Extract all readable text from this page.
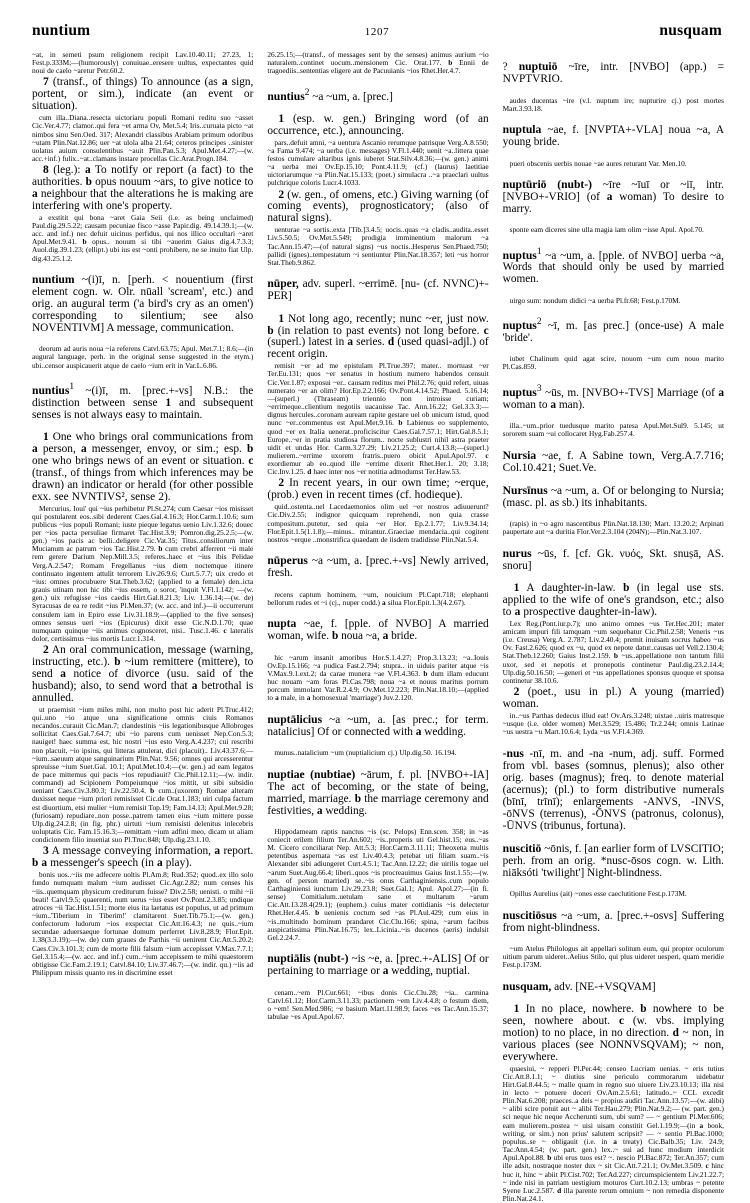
nuntium	1207	nusquam

~at, in semeti psum religionem recipit Lav.10.40.11; 27.23, 1; Fest.p.333M;—(humorously) conuiuae..eresere uultus, expectantes quid noui de caelo ~aretur Petr.60.2.

7 (transf., of things) To announce (as a sign, portent, or sim.), indicate (an event or situation).

cum illa..Diana..resecta uictoriaru populi Romani reditu suo ~asset Cic.Ver.4.77; clamor..qui fera ~et arma Ov, Met.5.4; Iris..curuata picto ~at nimbos sinu Sen.Oed. 317; Alexandri classibus Arabiam primum odoribus ~utam Plin.Nat.12.86; uer ~at ulola alba 21.64; ceteros principes ..sinister uolatus auium consulentibus ~auit Plin.Pan.5.3; Apul.Met.4.27;—(w. acc.+inf.) fulix..~at..clamans instare procellas Cic.Arat.Progn.184.

8 (leg.): a To notify or report (a fact) to the authorities. b opus nouum ~ars, to give notice to a neighbour that the alterations he is making are interfering with one's property.

a exstitit qui bona ~aret Gaia Seii (i.e. as being unclaimed) Paul.dig.29.5.22; causam pecuniae fisco ~asse Papir.dig. 49.14.39.1;—(w. acc. and inf.) nec defuit uicinus perfidus, qui nos illico occultari ~aret Apul.Met.9.41. b opus.. nouum si tibi ~auerim Gaius dig.4.7.3.3; Auol.dig.39.1.23; (ellipt.) ubi ius est ~onti prohibere, ne se inuito fiat Ulp. dig.43.25.1.2.

nuntium ~(i)ī, n. [perh. < nouentium (first element cogn. w. Olr. nūall 'scream', etc.) and orig. an augural term ('a bird's cry as an omen') corresponding to silentium; see also NOVENTIVM] A message, communication.

deorum ad auris noua ~ia referens Catvl.63.75; Apul. Met.7.1; 8.6;—(in augural language, perh. in the original sense suggested in the etym.) ubi..censor auspicauerit atque de caelo ~ium erit in Var.L.6.86.

nuntius$^1$ ~(i)ī, m. [prec.+-vs] N.B.: the distinction between sense 1 and subsequent senses is not always easy to maintain.

1 One who brings oral communications from a person, a messenger, envoy, or sim.; esp. b one who brings news of an event or situation. c (transf., of things from which inferences may be drawn) an indicator or herald (for other possible exx. see NVNTIVS², sense 2).

Mercurius, Ioui' qui ~ius perhibetur Pl.St.274; cum Caesar ~ios misisset qui postularent eos..sibi dederent Caes.Gal.4.16.3; Hor.Carm.1.10.6; sum publicus ~ius populi Romani; iuste pieque legatus uenio Liv.1.32.6; douec per ~ios pacta persuliae firmaret Tac.Hist.3.9; Pomron.dig.25.2.5;—(w. gen.) ~ios pacis ac belli..deligere Cic.Vat.35; Titus..consiliorum inter Mucianum ac patrum ~ios Tac.Hist.2.79. b cum crebri afferrent ~ii male rem gerere Darium Nep.Mill.3.5; referes..haec et ~ius ibis Pelidae Verg.A.2.547; Romam Fregellanus ~ius diem noctemque itinere continuato ingentem attulit terrorem Liv.26.9.6; Curt.5.7.7; uix credo et ~ius: omnes procubuere Stat.Theb.3.62; (applied to a female) den..icta grauis utinam non hic tibi ~ius essem, o soror, 'inquit V.Fl.1.142; —(w. gen.) uix refugisse ~ios caedis Hirt.Gal.8.21.3; Liv. 1.36.14;—(w. de) Syracusas de ea re redit ~ius Pl.Men.37; (w. acc. and inf.)—ii occurrerunt consulem iam in Epiro esse Liv.31.18.9;—(applied to the five senses) omnes sensus ueri ~ios (Epicurus) dixit esse Cic.N.D.1.70; quae numquam quinque ~iis animus cognosceret, nisi.. Tusc.1.46. c lateralis dolor, certissimus ~ius mortis Lucr.1.314.

2 An oral communication, message (warning, instructing, etc.). b ~ium remittere (mittere), to send a notice of divorce (usu. said of the husband); also, to send word that a betrothal is annulled.

ut praemisit ~ium miles mihi, non multo post hic aderit Pl.Truc.412; qui..uno ~io atque una significatione omnis ciuis Romanos necandos..curauit Cic.Man.7; clandestinis ~iis legationibusque Allobroges sollicitat Caes.Gal.7.64.7; ubi ~io parens cum uenisset Nep.Con.5.3; nauiget! haec summa est, hic nostri ~ius esto Verg.A.4.237; cui rescribi non placuit, ~io ipsius, qui litteras attulerat, dici (placuit).. Liv.43.37.6;—~ium..saeuum atque sanguinarium Plin.Nat. 9.56; omnes qui arcesserentur spreuisse ~ium Suet.Gal. 10.1; Apul.Met.10.4;—(w. gen.) ad eam legatos de pace mittemus qui pacis ~ios repudiauit? Cic.Phil.12.11;—(w. indir. command) ad Scipionem Pompeiumque ~ios mittit, ut sibi subsidio ueniant Caes.Civ.3.80.3; Liv.22.50.4. b cum..(uxorem) Romae alteram duxisset neque ~ium priori remisisset Cic.de Orat.1.183; uiri culpa factum est diuortium, etsi mulier ~ium remisit Top.19; Fam.14.13; Apul.Met.9.28; (furiosam) repudiare..non posse..patrem tamen eius ~ium mittere posse Ulp.dig.24.2.8; (in fig. phr.) uirtuti ~ium remisisti delenitus inlecebris uoluptatis Cic. Fam.15.16.3;—remittam ~ium adfini meo, dicam ut aliam condicionem filio inueniat suo Pl.Truc.848; Ulp.dig.23.1.10.

3 A message conveying information, a report. b a messenger's speech (in a play).

bonis uos..~iis me adfecere uoltis Pl.Am.8; Rud.352; quod..ex illo solo fundo numquam malum ~ium audisset Cic.Agr.2.82; num censes his ~iis..quemquam physicum crediturum fuisse? Div.2.58; uenisti. o mihi ~ii beati! Catvl.9.5; quaerenti, num uerus ~ius esset Ov.Pont.2.3.85; undique atroces ~ii Tac.Hist.1.51; morte eius ita laetatus est populus, ut ad primum ~ium..'Tiberium in Tiberim!' clamitarent Suet.Tib.75.1;—(w. gen.) confectorum ludorum ~ios exspectat Cic.Att.16.4.3; ne quis..~ium secundae aduersaeque fortunae domum perferret Liv.8.28.9; Flor.Epit. 1.38(3.3.19);—(w. de) cum graues de Parthis ~ii uenirent Cic.Att.5.20.2; Caes.Civ.3.101.3; cum de morte filii falsum ~ium accepisset V.Max.7.7.1; Gel.3.15.4;—(w. acc. and inf.) cum..~ium accepissem te mihi quaestorem obtigisse Cic.Fam.2.19.1; Catvl.84.10; Liv.37.46.7;—(w. indir. qu.) ~iis ad Philippum missis quanto res in discrimine esset

26.25.15;—(transf., of messages sent by the senses) animus aurium ~io naturalem..continet uocum..mensionem Cic. Orat.177. b Ennii de tragoediis..sententias eligere aut de Pacuuianis ~ios Rhet.Her.4.7.

nuntius$^2$ ~a ~um, a. [prec.]

1 (esp. w. gen.) Bringing word (of an occurrence, etc.), announcing.

pars..defuit amni, ~a uentura Ascanio rerumque patrisque Verg.A.8.550; ~a Fama 9.474; ~a uerba (i.e. messages) V.Fl.1.440; uenit ~a..littera quae festos cumulare altaribus ignis iuberet Stat.Silv.4.8.36;—(w. gen.) animi ~a uerba mei Ov.Ep.15.10; Pont.4.11.9; (cf.) (laurus) laetitiae uictoriarumque ~a Plin.Nat.15.133; (poet.) simulacra ..~a praeclari uultus pulchrique coloris Lucr.4.1033.

2 (w. gen., of omens, etc.) Giving warning (of coming events), prognosticatory; (also of natural signs).

uenturae ~a sortis..exta [Tib.]3.4.5; uocis..quas ~a cladis..audita..esset Liv.5.50.5; Ov.Met.5.549; prodigia imminentium malorum ~a Tac.Ann.15.47;—(of natural signs) ~us noctis..Hesperus Sen.Phaed.750; pallidi (ignes)..tempestatum ~i sentiuntur Plin.Nat.18.357; leti ~us horror Stat.Theb.9.862.

nūper, adv. superl. ~errimē. [nu- (cf. NVNC)+-PER]

1 Not long ago, recently; nunc ~er, just now. b (in relation to past events) not long before. c (superl.) latest in a series. d (used quasi-adjl.) of recent origin.

remisit ~er ad me epistulam Pl.True.397; mater.. mortuast ~er Ter.Eu.131; quos ~er senatus in hostium numero habendos censuit Cic.Ver.1.87; exposui ~er.. causam reditus mei Phil.2.76; quid refert, uiuas numerato ~er an olim? Hor.Ep.2.2.166; Ov.Pont.4.14.52; Phaed. 5.16.14;—(superl.) (Thraseam) triennio non introisse curiam; ~errimeque..clientium negotiis uacauisse Tac. Ann.16.22; Gel.3.3.3;—dignus hercules..coronam auream rapite gestare uel ob unicum istud, quod nunc ~er..commentus est Apul.Met.9.16. b Labienus eo supplemento, quod ~er ex Italia uenerat..proficiscitur Caes.Gal.7.57.1; Hirt.Gal.8.5.1; Europe..~er in pratia studiosa florum.. nocte sublustri nihil astra praeter uidit et undas Hor. Carm.3.27.29; Liv.21.25.2; Curt.4.13.8;—(superl.) mulierem..~errime uxorem fratris..puero obicit Apul.Apol.97. c exordiemur ab eo..quod ille ~errime dixerit Rhet.Her.1. 20; 3.18; Cic.Inv.1.25. d haec inter nos ~er notitia admodumst Ter.Haw.53.

2 In recent years, in our own time; ~erque, (prob.) even in recent times (cf. hodieque).

quid..ostenta..uel Lacedaemonios olim uel ~er nostros adiuuerunt? Cic.Div.2.55; indignor quicquam reprehendi, non quia crasse compositum..putetur, sed quia ~er Hor. Ep.2.1.77; Liv.9.34.14; Flor.Epit.1.5(1.1.8);—minus.. mirantur..Graeciae mendacia..qui cogitent nostros ~erque ..monstrifica quaedam de iisdem tradidisse Plin.Nat.5.4.

nūperus ~a ~um, a. [prec.+-vs] Newly arrived, fresh.

recens captum hominem, ~um, nouicium Pl.Capt.718; elephanti bellorum rudes et ~i (cj., nuper codd.) a silua Flor.Epit.1.3(4.2.67).

nupta ~ae, f. [pple. of NVBO] A married woman, wife. b noua ~a, a bride.

hic ~arum insanit amoribus Hor.S.1.4.27; Prop.3.13.23; ~a..Iouis Ov.Ep.15.166; ~a pudica Fast.2.794; stupra.. in uiduis pariter atque ~is V.Max.9.1.ext.2; da carae munera ~ae V.Fl.4.363. b dum illam educunt huc nouam ~am foras Pl.Cas.798; noua ~a et nouus maritus porrum porcum immolant Var.R.2.4.9; Ov.Met.12.223; Plin.Nat.18.10;—(applied to a male, in a homosexual 'marriage') Juv.2.120.

nuptālicius ~a ~um, a. [as prec.; for term. natalicius] Of or connected with a wedding.

munus..natalicium ~um (nuptialicium cj.) Ulp.dig.50. 16.194.

nuptiae (nubtiae) ~ārum, f. pl. [NVBO+-IA] The act of becoming, or the state of being, married, marriage. b the marriage ceremony and festivities, a wedding.

Hippodameam raptis nanctus ~is (sc. Pelops) Enn.scen. 358; in ~as coniecit erilem filium Ter.An.602; ~is..properis uti Gel.hist.15; eus..~as M. Cicero conciliarat Nep. Att.5.3; Hor.Carm.3.11.11; Theoxena multis petentibus aspernata ~as est Liv.40.4.3; petebat uti filiam suam..~is Alexander sibi adiungeret Curt.4.5.1; Tac.Ann.12.22; die uirilis togae uel ~arum Suet.Aug.66.4; liberi..quos ~is procreauimus Gaius Inst.1.55;—(w. gen. of person married) se..~is onus Carthaginiensis..cum populo Carthaginiensi iunctum Liv.29.23.8; Suet.Gal.1; Apul. Apol.27;—(in fi. sense) Comitialum..uetulam sane et multarum ~arum Cic.Att.13.28.4(29.1); (euphem.) cuius mater cottidianis ~is delectetur Rhet.Her.4.45. b uenienis coctum sed ~as Pl.Aul.429; cum eius in ~is..multitudo hominum prandaret Cic.Clu.166; spina, ~arum facibus auspicatissima Plin.Nat.16.75; lex..Licinia..~is ducenos (aeris) indulsit Gel.2.24.7.

nuptiālis (nubt-) ~is ~e, a. [prec.+-ALIS] Of or pertaining to marriage or a wedding, nuptial.

cenam..~em Pl.Cur.661; ~ibus donis Cic.Clu.28; ~ia.. carmina Catvl.61.12; Hor.Carm.3.11.33; pactionem ~em Liv.4.4.8; o festum diem, o ~em! Sen.Med.986; ~e basium Mart.11.98.9; faces ~es Tac.Ann.15.37; tabulae ~es Apul.Apol.67.

? nuptuiō ~īre, intr. [NVBO] (app.) = NVPTVRIO.

audes ducentas ~ire (v.l. nuptum ire; nupturire cj.) post mortes Mart.3.93.18.

nuptula ~ae, f. [NVPTA+-VLA] noua ~a, A young bride.

pueri obscenis uerbis nouae ~ae aures returant Var. Men.10.

nuptūriō (nubt-) ~īre ~īuī or ~iī, intr. [NVBO+-VRIO] (of a woman) To desire to marry.

sponte eam diceres sine ulla magia iam olim ~isse Apul. Apol.70.

nuptus$^1$ ~a ~um, a. [pple. of NVBO] uerba ~a, Words that should only be used by married women.

uirgo sum: nondum didici ~a uerba Pl.fr.68; Fest.p.170M.

nuptus$^2$ ~ī, m. [as prec.] (once-use) A male 'bride'.

iubet Chalinum quid agat scire, nouom ~um cum nouo marito Pl.Cas.859.

nuptus$^3$ ~ūs, m. [NVBO+-TVS] Marriage (of a woman to a man).

illa..~um..prior tuedusque marito patesa Apul.Met.Sul9. 5.145; ut sororem suam ~ui collocaret Hyg.Fab.257.4.

Nursia ~ae, f. A Sabine town, Verg.A.7.716; Col.10.421; Suet.Ve.

Nursīnus ~a ~um, a. Of or belonging to Nursia; (masc. pl. as sb.) its inhabitants.

(rapis) in ~o agro nascentibus Plin.Nat.18.130; Mart. 13.20.2; Arpinati paupertate aut ~a duritia Flor.Ver.2.3.104 (204N);—Plin.Nat.3.107.

nurus ~ūs, f. [cf. Gk. νυός, Skt. snuṣā, AS. snoru]

1 A daughter-in-law. b (in legal use sts. applied to the wife of one's grandson, etc.; also to a prospective daughter-in-law).

Lex Reg.(Pont.iur.p.7); uno animo omnes ~us Ter.Hec.201; mater amicam impuri fili tamquam ~um sequebatur Cic.Phil.2.58; Veneris ~us (i.e. Creusa) Verg.A. 2.787; Liv.2.40.4; premit inuisam socrus habeo ~us Ov. Fast.2.626; quod ex ~u, quod ex nepote datur..causas uel Vell.2.130.4; Stat.Theb.12.260; Gaius Inst.2.159. b ~us..appellatione non tantum filii uxor, sed et nepotis et pronepotis continetur Paul.dig.23.2.14.4; Ulp.dig.50.16.50; —generi et ~us appellationes sponsus quoque et sponsa continetur 38.10.6.

2 (poet., usu in pl.) A young (married) woman.

in..~us Parthas dedecus illud eat! Ov.Ars.3.248; uixtae ..uiris matresque ~usque (i.e. older women) Met.3.529; 15.486; Tr.2.244; omnis Latinae ~us uestra ~u Mart.10.6.4; Lyda ~us V.Fl.4.369.

-nus -nī, m. and -na -num, adj. suff. Formed from vbl. bases (somnus, plenus); also other orig. bases (magnus); freq. to denote material (acernus); (pl.) to form distributive numerals (bīnī, trīnī); enlargements -ANVS, -INVS, -ōNVS (terrenus), -ŌNVS (patronus, colonus), -ŪNVS (tribunus, fortuna).

nuscitiō ~ōnis, f. [an earlier form of LVSCITIO; perh. from an orig. *nusc-ōsos cogn. w. Lith. niāksóti 'twilight'] Night-blindness.

Opillus Aurelius (ait) ~ones esse caeclutitione Fest.p.173M.

nuscitiōsus ~a ~um, a. [prec.+-osvs] Suffering from night-blindness.

~um Atelus Philologus ait appellari solitum eum, qui propter oculorum uitium parum uideret..Aelius Stilo, qui plus uideret uesperi, quam meridie Fest.p.173M.

nusquam, adv. [NE-+VSQVAM]

1 In no place, nowhere. b nowhere to be seen, nowhere about. c (w. vbs. implying motion) to no place, in no direction. d ~ non, in various places (see NONNVSQVAM); ~ non, everywhere.

quaesiui, ~ repperi Pl.Per.44; censeo Lucriam uenias. ~ eris tutius Cic.Att.8.1.1; ~ diutius sine periculo commorarum uidebatur Hirt.Gal.8.44.5; ~ malle quam in regno suo uiuere Liv.23.10.13; illa nisi in lecto ~ potuere doceri Ov.Am.2.5.61; latitudo..~ CCL excedit Plin.Nat.6.208; praeces..a deis ~ propius audiri Tac.Ann.13.57;—(w. alibi) ~ alibi scire potuit aut ~ alibi Ter.Hau.279; Plin.Nat.9.2;— (w. part. gen.) sci neque hic neque Accherunti sum, ubi sum? — ~ gentium Pl.Mer.606; eam mulierem..postea ~ uisi uisam constitit Gel.1.19.9;—(in a book, writing, or sim.) non prius' salutem scripsit? — ~ sentio Pl.Bac.1000; populus..se ~ obligauit (i.e. in a treaty) Cic.Balb.35; Liv. 24.9; Tac.Ann.4.54; (w. part. gen.) lex..~ sui ad hunc modium interdicit Apul.Apol.88. b ubi erus tuos est? ~. nescio Pl.Bac.872; Ter.An.357; cum ille adsit, nostraque noster dux ~ sit Cic.Att.7.21.1; Ov.Met.3.509. c hinc huc it, hinc ~ abiit Pl.Cist.702; Ter.Ad.227; circumspicientem Liv.21.22.7; ~ inde nisi in patriam uestigium moturos Curt.10.2.13; umbras ~ petente Syene Luc.2.587. d illa parente rerum omnium ~ non remedia disponente Plin.Nat.24.1.
